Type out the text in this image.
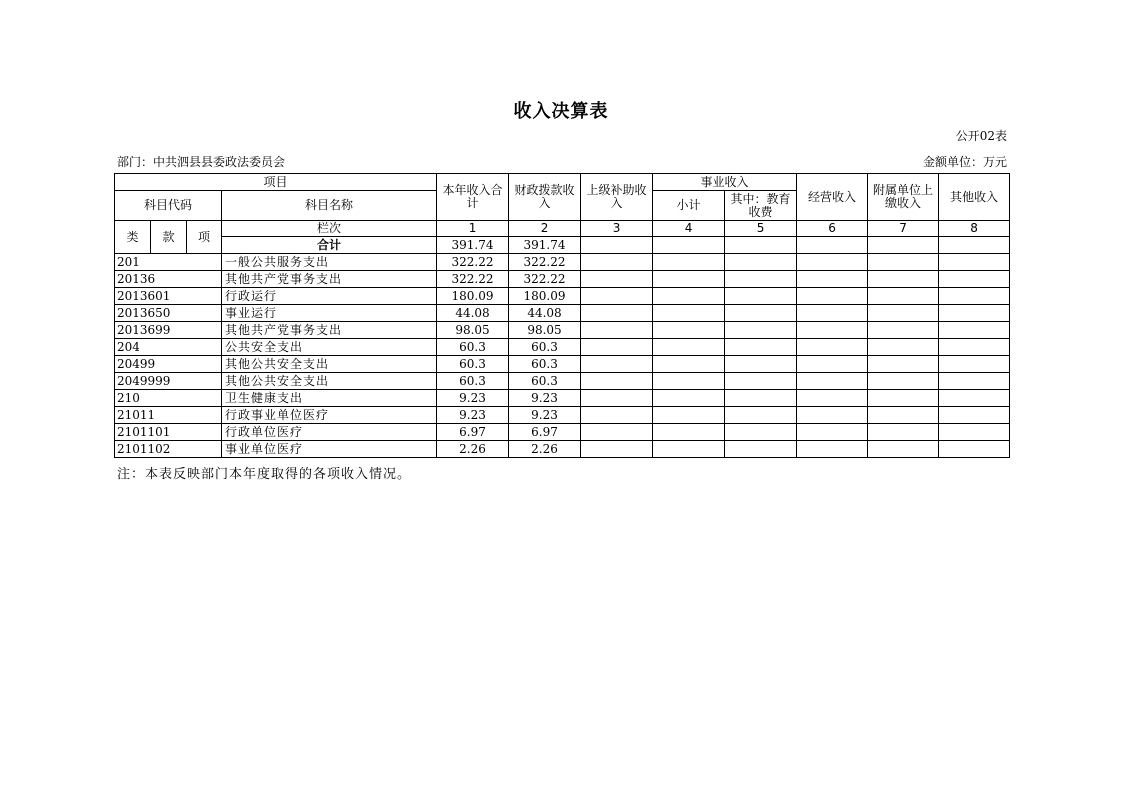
收入决算表
公开02表
部门：中共泗县县委政法委员会	金额单位：万元
项目				本年收入合计	财政拨款收入	上级补助收入	事业收入		经营收入	附属单位上缴收入	其他收入
科目代码			科目名称				小计	其中：教育收费			
类	款	项	栏次	1	2	3	4	5	6	7	8
			合计	391.74	391.74						
201			一般公共服务支出	322.22	322.22						
20136			其他共产党事务支出	322.22	322.22						
2013601			行政运行	180.09	180.09						
2013650			事业运行	44.08	44.08						
2013699			其他共产党事务支出	98.05	98.05						
204			公共安全支出	60.3	60.3						
20499			其他公共安全支出	60.3	60.3						
2049999			其他公共安全支出	60.3	60.3						
210			卫生健康支出	9.23	9.23						
21011			行政事业单位医疗	9.23	9.23						
2101101			行政单位医疗	6.97	6.97						
2101102			事业单位医疗	2.26	2.26						
注：本表反映部门本年度取得的各项收入情况。
